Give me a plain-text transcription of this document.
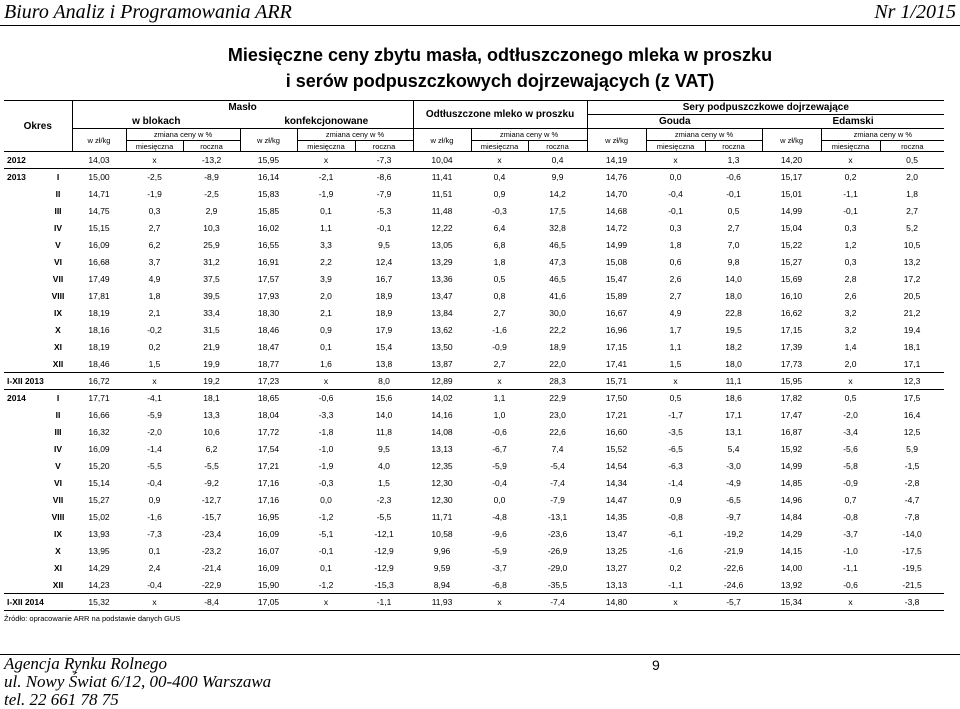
Biuro Analiz i Programowania ARR	Nr 1/2015
Miesięczne ceny zbytu masła, odtłuszczonego mleka w proszku
i serów podpuszczkowych dojrzewających (z VAT)
Okres		Masło						Odtłuszczone mleko w proszku			Sery podpuszczkowe dojrzewające					
		w blokach			konfekcjonowane						Gouda			Edamski		
		w zł/kg	zmiana ceny w %		w zł/kg	zmiana ceny w %		w zł/kg	zmiana ceny w %		w zł/kg	zmiana ceny w %		w zł/kg	zmiana ceny w %	
			miesięczna	roczna		miesięczna	roczna		miesięczna	roczna		miesięczna	roczna		miesięczna	roczna
2012		14,03	x	-13,2	15,95	x	-7,3	10,04	x	0,4	14,19	x	1,3	14,20	x	0,5
2013	I	15,00	-2,5	-8,9	16,14	-2,1	-8,6	11,41	0,4	9,9	14,76	0,0	-0,6	15,17	0,2	2,0
	II	14,71	-1,9	-2,5	15,83	-1,9	-7,9	11,51	0,9	14,2	14,70	-0,4	-0,1	15,01	-1,1	1,8
	III	14,75	0,3	2,9	15,85	0,1	-5,3	11,48	-0,3	17,5	14,68	-0,1	0,5	14,99	-0,1	2,7
	IV	15,15	2,7	10,3	16,02	1,1	-0,1	12,22	6,4	32,8	14,72	0,3	2,7	15,04	0,3	5,2
	V	16,09	6,2	25,9	16,55	3,3	9,5	13,05	6,8	46,5	14,99	1,8	7,0	15,22	1,2	10,5
	VI	16,68	3,7	31,2	16,91	2,2	12,4	13,29	1,8	47,3	15,08	0,6	9,8	15,27	0,3	13,2
	VII	17,49	4,9	37,5	17,57	3,9	16,7	13,36	0,5	46,5	15,47	2,6	14,0	15,69	2,8	17,2
	VIII	17,81	1,8	39,5	17,93	2,0	18,9	13,47	0,8	41,6	15,89	2,7	18,0	16,10	2,6	20,5
	IX	18,19	2,1	33,4	18,30	2,1	18,9	13,84	2,7	30,0	16,67	4,9	22,8	16,62	3,2	21,2
	X	18,16	-0,2	31,5	18,46	0,9	17,9	13,62	-1,6	22,2	16,96	1,7	19,5	17,15	3,2	19,4
	XI	18,19	0,2	21,9	18,47	0,1	15,4	13,50	-0,9	18,9	17,15	1,1	18,2	17,39	1,4	18,1
	XII	18,46	1,5	19,9	18,77	1,6	13,8	13,87	2,7	22,0	17,41	1,5	18,0	17,73	2,0	17,1
I-XII 2013		16,72	x	19,2	17,23	x	8,0	12,89	x	28,3	15,71	x	11,1	15,95	x	12,3
2014	I	17,71	-4,1	18,1	18,65	-0,6	15,6	14,02	1,1	22,9	17,50	0,5	18,6	17,82	0,5	17,5
	II	16,66	-5,9	13,3	18,04	-3,3	14,0	14,16	1,0	23,0	17,21	-1,7	17,1	17,47	-2,0	16,4
	III	16,32	-2,0	10,6	17,72	-1,8	11,8	14,08	-0,6	22,6	16,60	-3,5	13,1	16,87	-3,4	12,5
	IV	16,09	-1,4	6,2	17,54	-1,0	9,5	13,13	-6,7	7,4	15,52	-6,5	5,4	15,92	-5,6	5,9
	V	15,20	-5,5	-5,5	17,21	-1,9	4,0	12,35	-5,9	-5,4	14,54	-6,3	-3,0	14,99	-5,8	-1,5
	VI	15,14	-0,4	-9,2	17,16	-0,3	1,5	12,30	-0,4	-7,4	14,34	-1,4	-4,9	14,85	-0,9	-2,8
	VII	15,27	0,9	-12,7	17,16	0,0	-2,3	12,30	0,0	-7,9	14,47	0,9	-6,5	14,96	0,7	-4,7
	VIII	15,02	-1,6	-15,7	16,95	-1,2	-5,5	11,71	-4,8	-13,1	14,35	-0,8	-9,7	14,84	-0,8	-7,8
	IX	13,93	-7,3	-23,4	16,09	-5,1	-12,1	10,58	-9,6	-23,6	13,47	-6,1	-19,2	14,29	-3,7	-14,0
	X	13,95	0,1	-23,2	16,07	-0,1	-12,9	9,96	-5,9	-26,9	13,25	-1,6	-21,9	14,15	-1,0	-17,5
	XI	14,29	2,4	-21,4	16,09	0,1	-12,9	9,59	-3,7	-29,0	13,27	0,2	-22,6	14,00	-1,1	-19,5
	XII	14,23	-0,4	-22,9	15,90	-1,2	-15,3	8,94	-6,8	-35,5	13,13	-1,1	-24,6	13,92	-0,6	-21,5
I-XII 2014		15,32	x	-8,4	17,05	x	-1,1	11,93	x	-7,4	14,80	x	-5,7	15,34	x	-3,8
Źródło: opracowanie ARR na podstawie danych GUS
Agencja Rynku Rolnego
ul. Nowy Świat 6/12, 00-400 Warszawa
tel. 22 661 78 75
9
